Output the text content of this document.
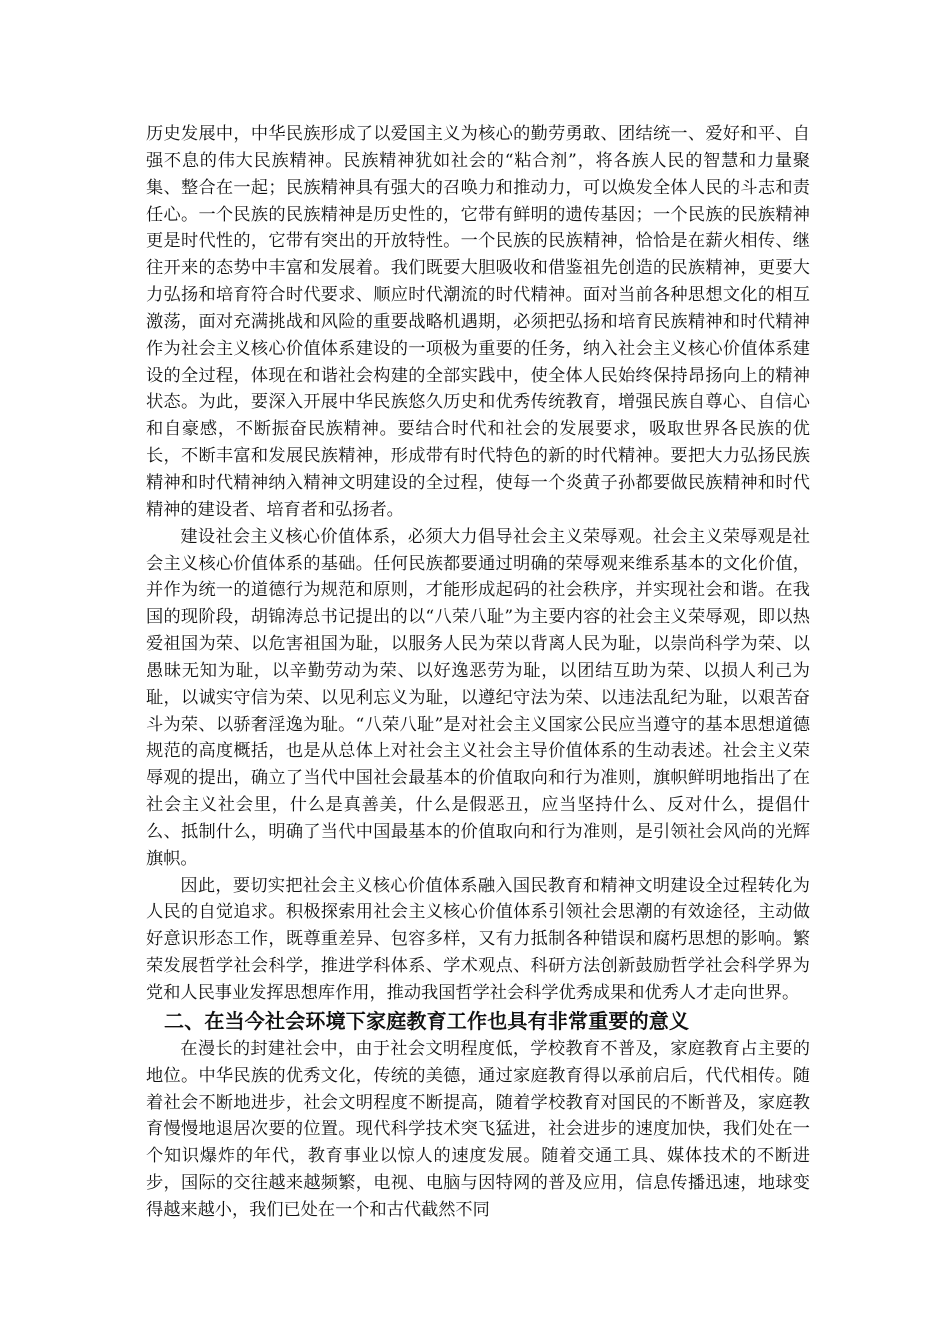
历史发展中，中华民族形成了以爱国主义为核心的勤劳勇敢、团结统一、爱好和平、自强不息的伟大民族精神。民族精神犹如社会的“粘合剂”，将各族人民的智慧和力量聚集、整合在一起；民族精神具有强大的召唤力和推动力，可以焕发全体人民的斗志和责任心。一个民族的民族精神是历史性的，它带有鲜明的遗传基因；一个民族的民族精神更是时代性的，它带有突出的开放特性。一个民族的民族精神，恰恰是在薪火相传、继往开来的态势中丰富和发展着。我们既要大胆吸收和借鉴祖先创造的民族精神，更要大力弘扬和培育符合时代要求、顺应时代潮流的时代精神。面对当前各种思想文化的相互激荡，面对充满挑战和风险的重要战略机遇期，必须把弘扬和培育民族精神和时代精神作为社会主义核心价值体系建设的一项极为重要的任务，纳入社会主义核心价值体系建设的全过程，体现在和谐社会构建的全部实践中，使全体人民始终保持昂扬向上的精神状态。为此，要深入开展中华民族悠久历史和优秀传统教育，增强民族自尊心、自信心和自豪感，不断振奋民族精神。要结合时代和社会的发展要求，吸取世界各民族的优长，不断丰富和发展民族精神，形成带有时代特色的新的时代精神。要把大力弘扬民族精神和时代精神纳入精神文明建设的全过程，使每一个炎黄子孙都要做民族精神和时代精神的建设者、培育者和弘扬者。

建设社会主义核心价值体系，必须大力倡导社会主义荣辱观。社会主义荣辱观是社会主义核心价值体系的基础。任何民族都要通过明确的荣辱观来维系基本的文化价值，并作为统一的道德行为规范和原则，才能形成起码的社会秩序，并实现社会和谐。在我国的现阶段，胡锦涛总书记提出的以“八荣八耻”为主要内容的社会主义荣辱观，即以热爱祖国为荣、以危害祖国为耻，以服务人民为荣以背离人民为耻，以崇尚科学为荣、以愚昧无知为耻，以辛勤劳动为荣、以好逸恶劳为耻，以团结互助为荣、以损人利己为耻，以诚实守信为荣、以见利忘义为耻，以遵纪守法为荣、以违法乱纪为耻，以艰苦奋斗为荣、以骄奢淫逸为耻。“八荣八耻”是对社会主义国家公民应当遵守的基本思想道德规范的高度概括，也是从总体上对社会主义社会主导价值体系的生动表述。社会主义荣辱观的提出，确立了当代中国社会最基本的价值取向和行为准则，旗帜鲜明地指出了在社会主义社会里，什么是真善美，什么是假恶丑，应当坚持什么、反对什么，提倡什么、抵制什么，明确了当代中国最基本的价值取向和行为准则，是引领社会风尚的光辉旗帜。

因此，要切实把社会主义核心价值体系融入国民教育和精神文明建设全过程转化为人民的自觉追求。积极探索用社会主义核心价值体系引领社会思潮的有效途径，主动做好意识形态工作，既尊重差异、包容多样，又有力抵制各种错误和腐朽思想的影响。繁荣发展哲学社会科学，推进学科体系、学术观点、科研方法创新鼓励哲学社会科学界为党和人民事业发挥思想库作用，推动我国哲学社会科学优秀成果和优秀人才走向世界。

二、在当今社会环境下家庭教育工作也具有非常重要的意义

在漫长的封建社会中，由于社会文明程度低，学校教育不普及，家庭教育占主要的地位。中华民族的优秀文化，传统的美德，通过家庭教育得以承前启后，代代相传。随着社会不断地进步，社会文明程度不断提高，随着学校教育对国民的不断普及，家庭教育慢慢地退居次要的位置。现代科学技术突飞猛进，社会进步的速度加快，我们处在一个知识爆炸的年代，教育事业以惊人的速度发展。随着交通工具、媒体技术的不断进步，国际的交往越来越频繁，电视、电脑与因特网的普及应用，信息传播迅速，地球变得越来越小，我们已处在一个和古代截然不同
